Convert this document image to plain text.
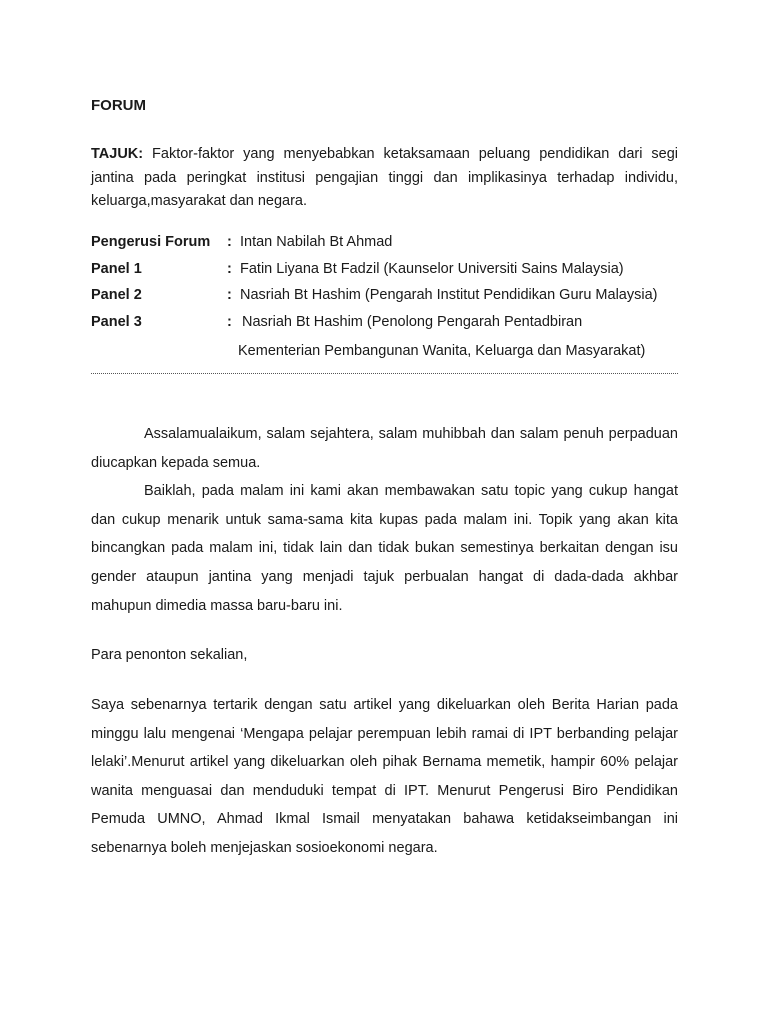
FORUM
TAJUK: Faktor-faktor yang menyebabkan ketaksamaan peluang pendidikan dari segi jantina pada peringkat institusi pengajian tinggi dan implikasinya terhadap individu, keluarga,masyarakat dan negara.
Pengerusi Forum : Intan Nabilah Bt Ahmad
Panel 1	: Fatin Liyana Bt Fadzil (Kaunselor Universiti Sains Malaysia)
Panel 2	: Nasriah Bt Hashim (Pengarah Institut Pendidikan Guru Malaysia)
Panel 3	: Nasriah Bt Hashim (Penolong Pengarah Pentadbiran
Kementerian Pembangunan Wanita, Keluarga dan Masyarakat)

Assalamualaikum, salam sejahtera, salam muhibbah dan salam penuh perpaduan diucapkan kepada semua.

Baiklah, pada malam ini kami akan membawakan satu topic yang cukup hangat dan cukup menarik untuk sama-sama kita kupas pada malam ini. Topik yang akan kita bincangkan pada malam ini, tidak lain dan tidak bukan semestinya berkaitan dengan isu gender ataupun jantina yang menjadi tajuk perbualan hangat di dada-dada akhbar mahupun dimedia massa baru-baru ini.

Para penonton sekalian,
Saya sebenarnya tertarik dengan satu artikel yang dikeluarkan oleh Berita Harian pada minggu lalu mengenai ‘Mengapa pelajar perempuan lebih ramai di IPT berbanding pelajar lelaki’.Menurut artikel yang dikeluarkan oleh pihak Bernama memetik, hampir 60% pelajar wanita menguasai dan menduduki tempat di IPT. Menurut Pengerusi Biro Pendidikan Pemuda UMNO, Ahmad Ikmal Ismail menyatakan bahawa ketidakseimbangan ini sebenarnya boleh menjejaskan sosioekonomi negara.
